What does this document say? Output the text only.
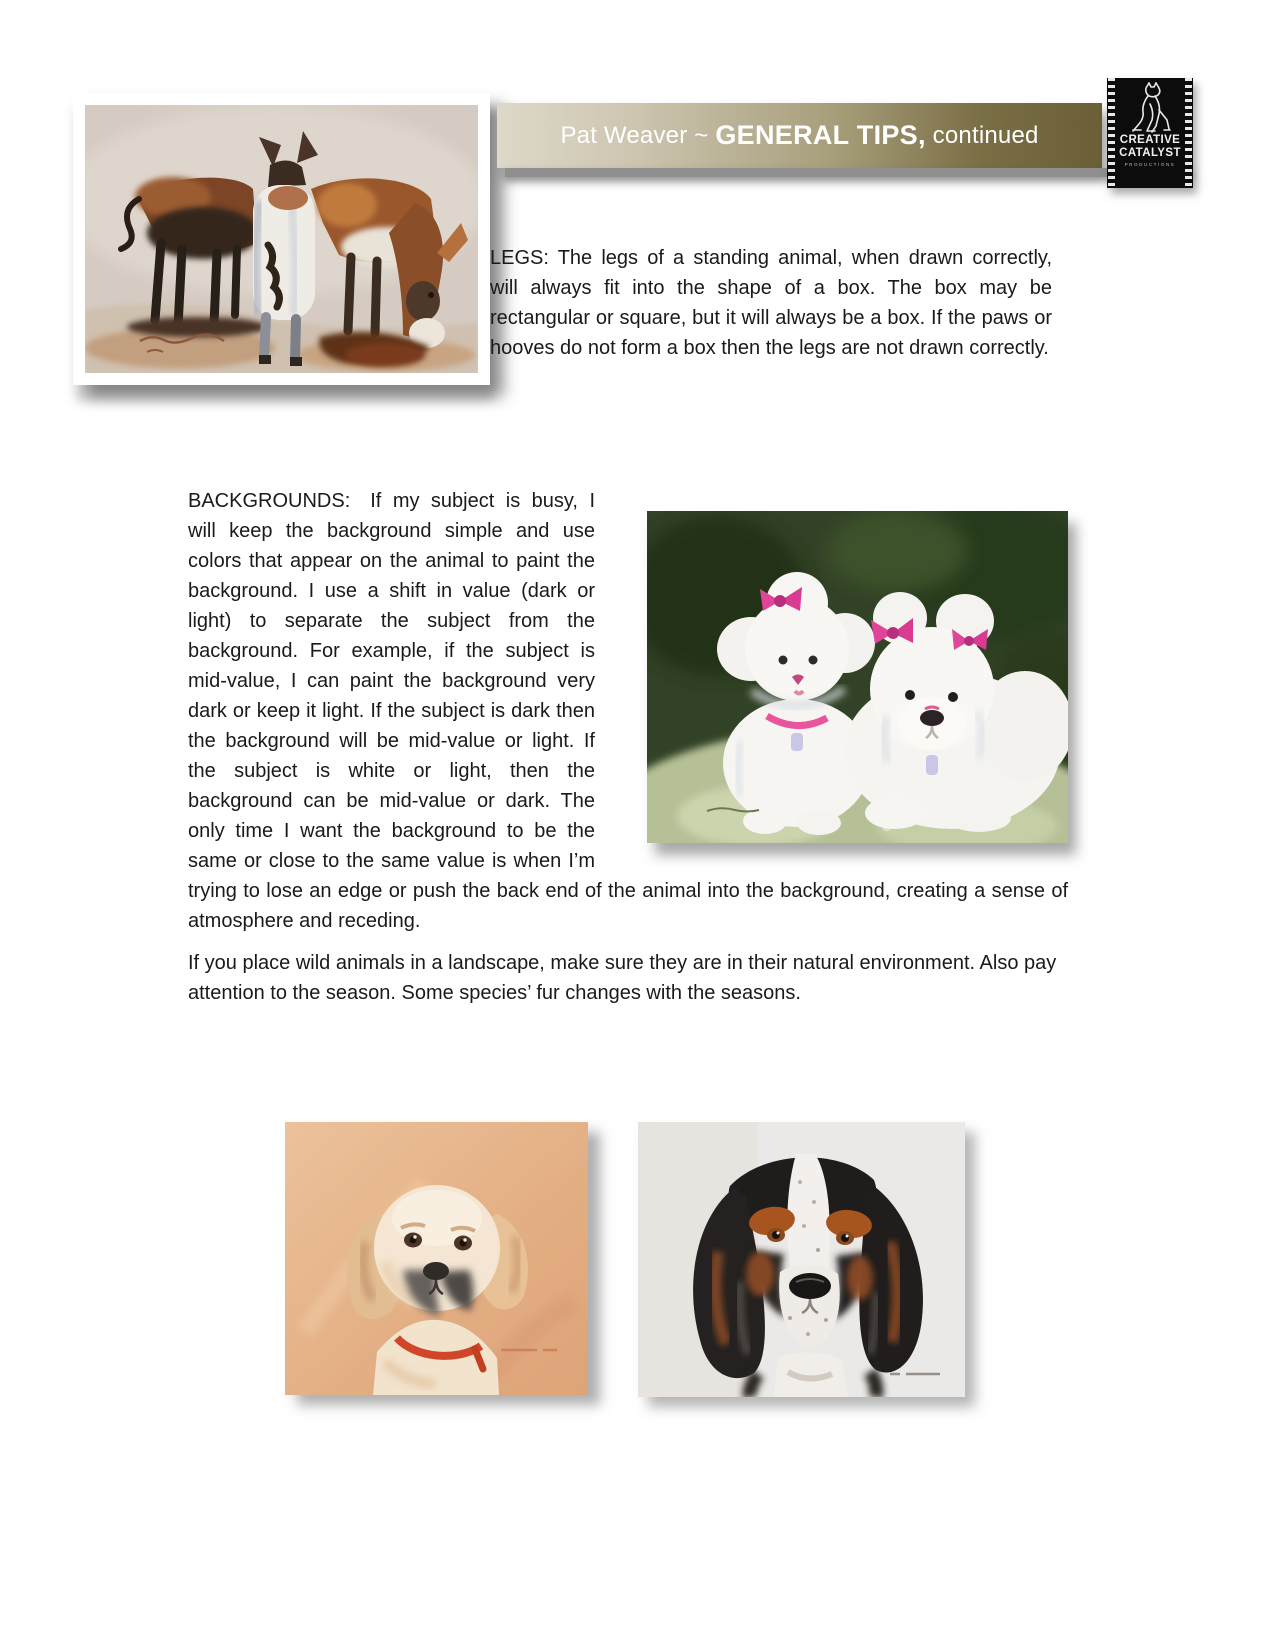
Pat Weaver ~ GENERAL TIPS, continued	CREATIVE
CATALYST
PRODUCTIONS
LEGS: The legs of a standing animal, when drawn correctly, will always fit into the shape of a box. The box may be rectangular or square, but it will always be a box. If the paws or hooves do not form a box then the legs are not drawn correctly.
BACKGROUNDS: If my subject is busy, I will keep the background simple and use colors that appear on the animal to paint the background. I use a shift in value (dark or light) to separate the subject from the background. For example, if the subject is mid-value, I can paint the background very dark or keep it light. If the subject is dark then the background will be mid-value or light. If the subject is white or light, then the background can be mid-value or dark. The only time I want the background to be the same or close to the same value is when I’m trying to lose an edge or push the back end of the animal into the background, creating a sense of atmosphere and receding.
If you place wild animals in a landscape, make sure they are in their natural environment. Also pay attention to the season. Some species’ fur changes with the seasons.
